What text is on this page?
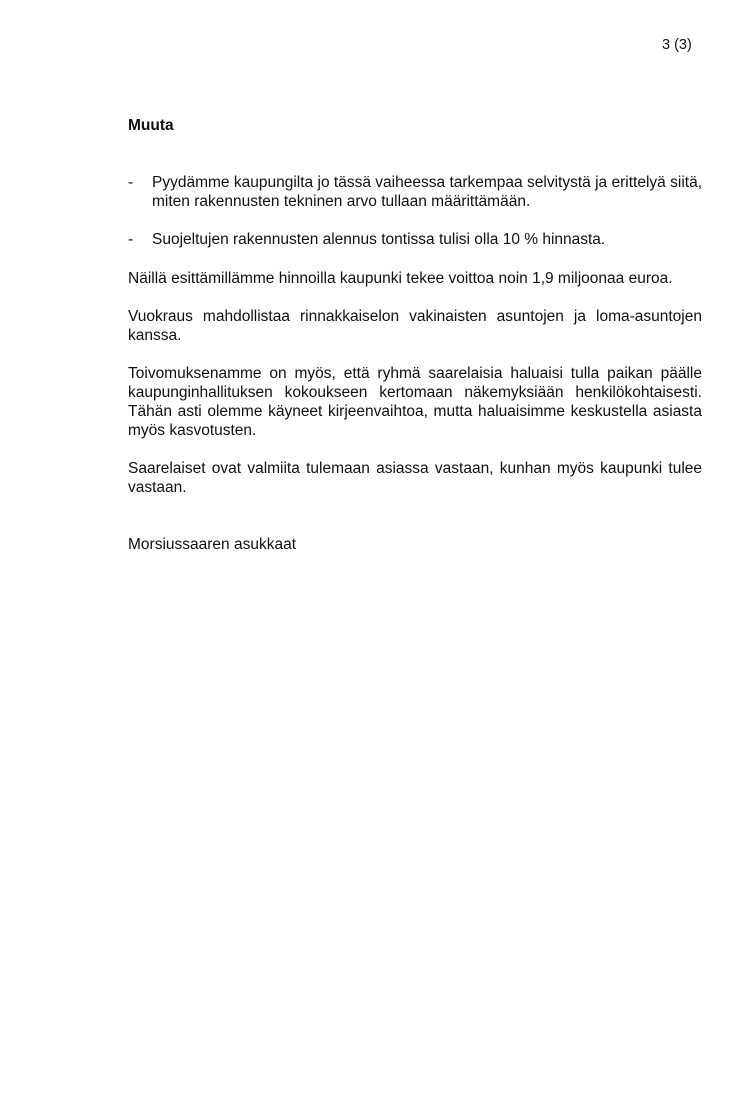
3 (3)

Muuta

- Pyydämme kaupungilta jo tässä vaiheessa tarkempaa selvitystä ja erittelyä siitä, miten rakennusten tekninen arvo tullaan määrittämään.
- Suojeltujen rakennusten alennus tontissa tulisi olla 10 % hinnasta.

Näillä esittämillämme hinnoilla kaupunki tekee voittoa noin 1,9 miljoonaa euroa.

Vuokraus mahdollistaa rinnakkaiselon vakinaisten asuntojen ja loma-asuntojen kanssa.

Toivomuksenamme on myös, että ryhmä saarelaisia haluaisi tulla paikan päälle kaupunginhallituksen kokoukseen kertomaan näkemyksiään henkilökohtaisesti. Tähän asti olemme käyneet kirjeenvaihtoa, mutta haluaisimme keskustella asiasta myös kasvotusten.

Saarelaiset ovat valmiita tulemaan asiassa vastaan, kunhan myös kaupunki tulee vastaan.

Morsiussaaren asukkaat
